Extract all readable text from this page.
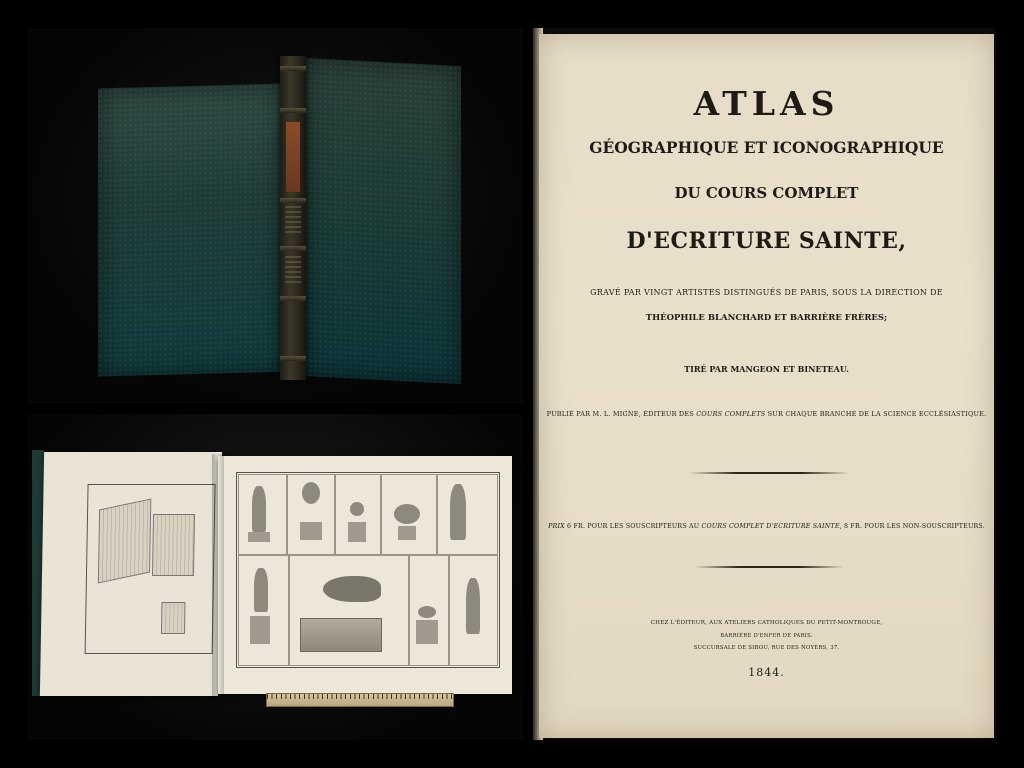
ATLAS
GÉOGRAPHIQUE ET ICONOGRAPHIQUE
DU COURS COMPLET
D'ECRITURE SAINTE,
GRAVÉ PAR VINGT ARTISTES DISTINGUÉS DE PARIS, SOUS LA DIRECTION DE
THÉOPHILE BLANCHARD ET BARRIÈRE FRÈRES;
TIRÉ PAR MANGEON ET BINETEAU.
PUBLIÉ PAR M. L. MIGNE, ÉDITEUR DES COURS COMPLETS SUR CHAQUE BRANCHE DE LA SCIENCE ECCLÉSIASTIQUE.
PRIX 6 FR. POUR LES SOUSCRIPTEURS AU COURS COMPLET D'ECRITURE SAINTE, 8 FR. POUR LES NON-SOUSCRIPTEURS.
CHEZ L'ÉDITEUR, AUX ATELIERS CATHOLIQUES DU PETIT-MONTROUGE,
BARRIÈRE D'ENFER DE PARIS.
SUCCURSALE DE SIBOU, RUE DES NOYERS, 37.
1844.
